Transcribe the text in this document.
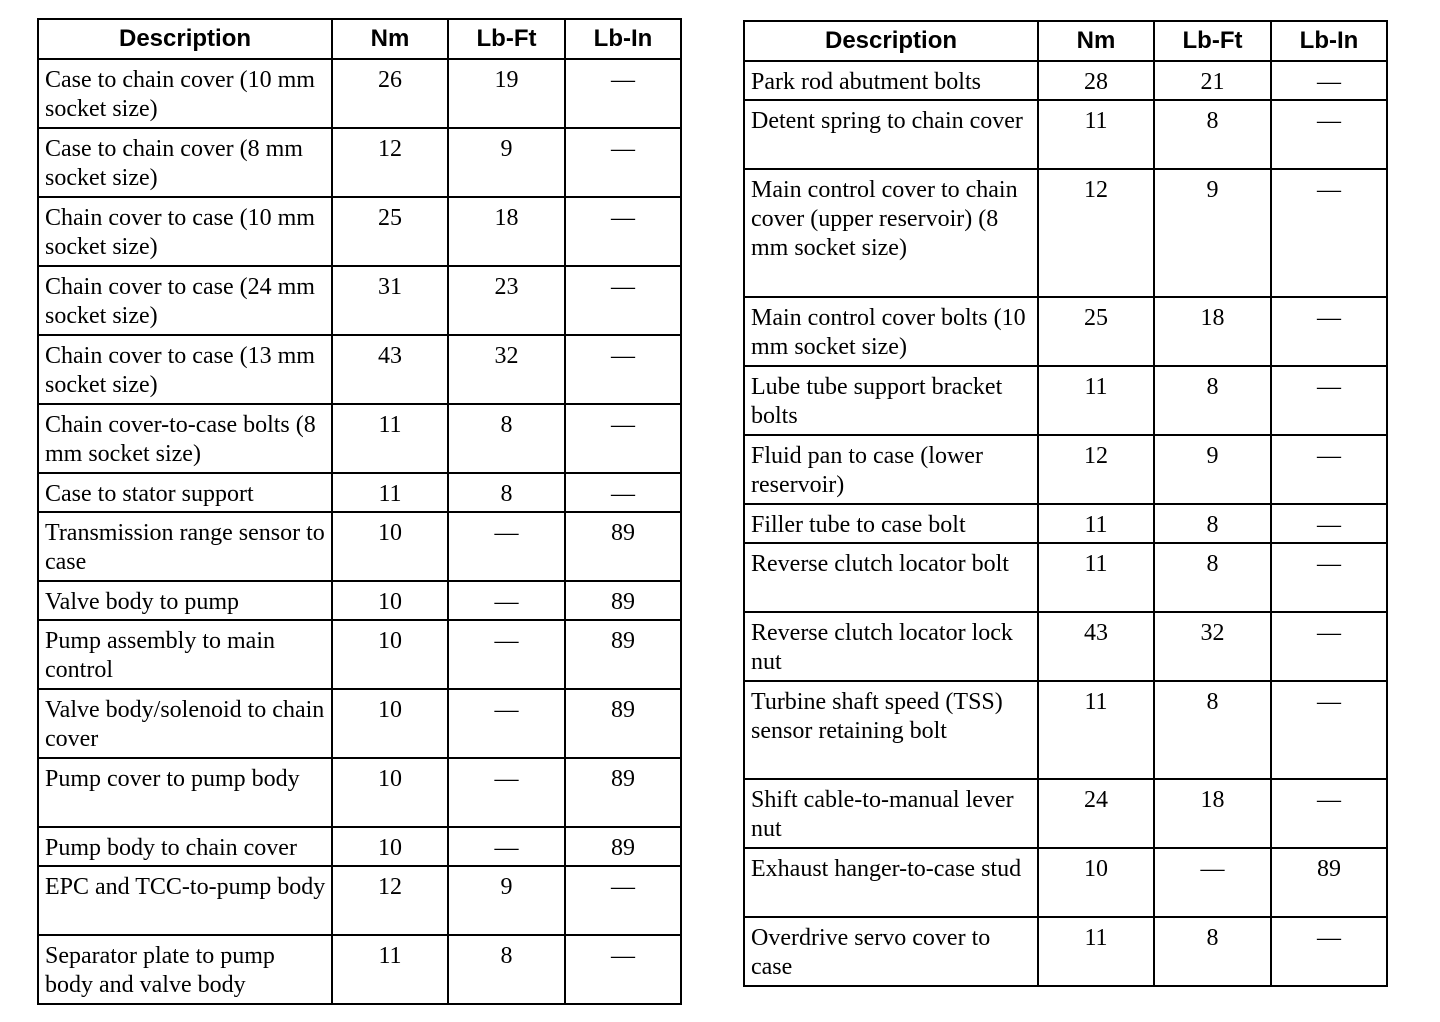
Description	Nm	Lb-Ft	Lb-In
Case to chain cover (10 mm socket size)	26	19	—
Case to chain cover (8 mm socket size)	12	9	—
Chain cover to case (10 mm socket size)	25	18	—
Chain cover to case (24 mm socket size)	31	23	—
Chain cover to case (13 mm socket size)	43	32	—
Chain cover-to-case bolts (8 mm socket size)	11	8	—
Case to stator support	11	8	—
Transmission range sensor to case	10	—	89
Valve body to pump	10	—	89
Pump assembly to main control	10	—	89
Valve body/solenoid to chain cover	10	—	89
Pump cover to pump body	10	—	89
Pump body to chain cover	10	—	89
EPC and TCC-to-pump body	12	9	—
Separator plate to pump body and valve body	11	8	—
Description	Nm	Lb-Ft	Lb-In
Park rod abutment bolts	28	21	—
Detent spring to chain cover	11	8	—
Main control cover to chain cover (upper reservoir) (8 mm socket size)	12	9	—
Main control cover bolts (10 mm socket size)	25	18	—
Lube tube support bracket bolts	11	8	—
Fluid pan to case (lower reservoir)	12	9	—
Filler tube to case bolt	11	8	—
Reverse clutch locator bolt	11	8	—
Reverse clutch locator lock nut	43	32	—
Turbine shaft speed (TSS) sensor retaining bolt	11	8	—
Shift cable-to-manual lever nut	24	18	—
Exhaust hanger-to-case stud	10	—	89
Overdrive servo cover to case	11	8	—
